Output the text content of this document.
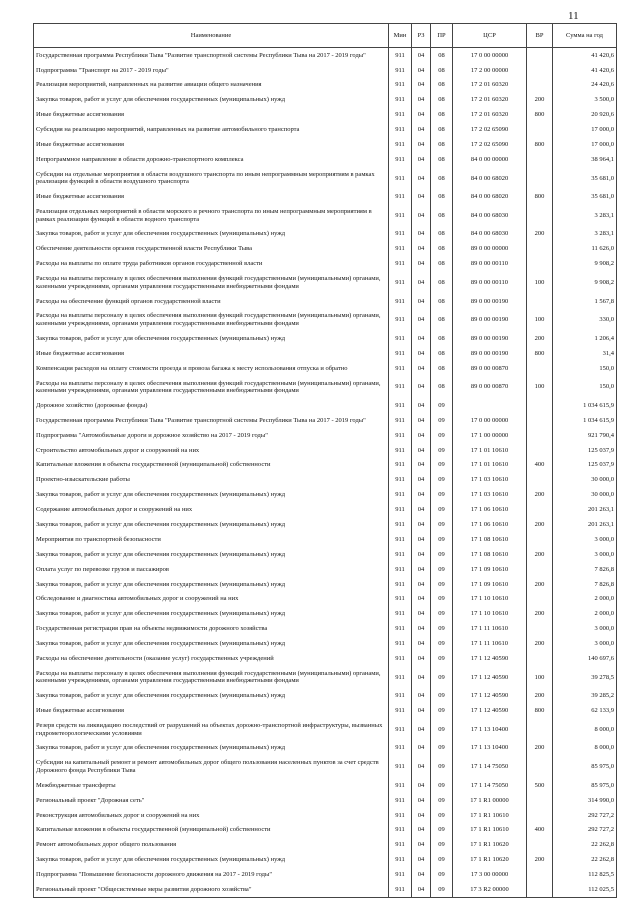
11
Наименование	Мин	РЗ	ПР	ЦСР	ВР	Сумма на год
Государственная программа Республики Тыва "Развитие транспортной системы Республики Тыва на 2017 - 2019 годы"	911	04	08	17 0 00 00000		41 420,6
Подпрограмма "Транспорт на 2017 - 2019 годы"	911	04	08	17 2 00 00000		41 420,6
Реализация мероприятий, направленных на развитие авиации общего назначения	911	04	08	17 2 01 60320		24 420,6
Закупка товаров, работ и услуг для обеспечения государственных (муниципальных) нужд	911	04	08	17 2 01 60320	200	3 500,0
Иные бюджетные ассигнования	911	04	08	17 2 01 60320	800	20 920,6
Субсидия на реализацию мероприятий, направленных на развитие автомобильного транспорта	911	04	08	17 2 02 65090		17 000,0
Иные бюджетные ассигнования	911	04	08	17 2 02 65090	800	17 000,0
Непрограммное направление в области дорожно-транспортного комплекса	911	04	08	84 0 00 00000		38 964,1
Субсидии на отдельные мероприятия в области воздушного транспорта по иным непрограммным мероприятиям в рамках реализации функций в области воздушного транспорта	911	04	08	84 0 00 68020		35 681,0
Иные бюджетные ассигнования	911	04	08	84 0 00 68020	800	35 681,0
Реализация отдельных мероприятий в области морского и речного транспорта по иным непрограммным мероприятиям в рамках реализации функций в области водного транспорта	911	04	08	84 0 00 68030		3 283,1
Закупка товаров, работ и услуг для обеспечения государственных (муниципальных) нужд	911	04	08	84 0 00 68030	200	3 283,1
Обеспечение деятельности органов государственной власти Республики Тыва	911	04	08	89 0 00 00000		11 626,0
Расходы на выплаты по оплате труда работников органов государственной власти	911	04	08	89 0 00 00110		9 908,2
Расходы на выплаты персоналу в целях обеспечения выполнения функций государственными (муниципальными) органами, казенными учреждениями, органами управления государственными внебюджетными фондами	911	04	08	89 0 00 00110	100	9 908,2
Расходы на обеспечение функций органов государственной власти	911	04	08	89 0 00 00190		1 567,8
Расходы на выплаты персоналу в целях обеспечения выполнения функций государственными (муниципальными) органами, казенными учреждениями, органами управления государственными внебюджетными фондами	911	04	08	89 0 00 00190	100	330,0
Закупка товаров, работ и услуг для обеспечения государственных (муниципальных) нужд	911	04	08	89 0 00 00190	200	1 206,4
Иные бюджетные ассигнования	911	04	08	89 0 00 00190	800	31,4
Компенсация расходов на оплату стоимости проезда и провоза багажа к месту использования отпуска и обратно	911	04	08	89 0 00 00870		150,0
Расходы на выплаты персоналу в целях обеспечения выполнения функций государственными (муниципальными) органами, казенными учреждениями, органами управления государственными внебюджетными фондами	911	04	08	89 0 00 00870	100	150,0
Дорожное хозяйство (дорожные фонды)	911	04	09			1 034 615,9
Государственная программа Республики Тыва "Развитие транспортной системы Республики Тыва на 2017 - 2019 годы"	911	04	09	17 0 00 00000		1 034 615,9
Подпрограмма "Автомобильные дороги и дорожное хозяйство на 2017 - 2019 годы"	911	04	09	17 1 00 00000		921 790,4
Строительство автомобильных дорог и сооружений на них	911	04	09	17 1 01 10610		125 037,9
Капитальные вложения в объекты государственной (муниципальной) собственности	911	04	09	17 1 01 10610	400	125 037,9
Проектно-изыскательские работы	911	04	09	17 1 03 10610		30 000,0
Закупка товаров, работ и услуг для обеспечения государственных (муниципальных) нужд	911	04	09	17 1 03 10610	200	30 000,0
Содержание автомобильных дорог и сооружений на них	911	04	09	17 1 06 10610		201 263,1
Закупка товаров, работ и услуг для обеспечения государственных (муниципальных) нужд	911	04	09	17 1 06 10610	200	201 263,1
Мероприятия по транспортной безопасности	911	04	09	17 1 08 10610		3 000,0
Закупка товаров, работ и услуг для обеспечения государственных (муниципальных) нужд	911	04	09	17 1 08 10610	200	3 000,0
Оплата услуг по перевозке грузов и пассажиров	911	04	09	17 1 09 10610		7 826,8
Закупка товаров, работ и услуг для обеспечения государственных (муниципальных) нужд	911	04	09	17 1 09 10610	200	7 826,8
Обследование и диагностика автомобильных дорог и сооружений на них	911	04	09	17 1 10 10610		2 000,0
Закупка товаров, работ и услуг для обеспечения государственных (муниципальных) нужд	911	04	09	17 1 10 10610	200	2 000,0
Государственная регистрация прав на объекты недвижимости дорожного хозяйства	911	04	09	17 1 11 10610		3 000,0
Закупка товаров, работ и услуг для обеспечения государственных (муниципальных) нужд	911	04	09	17 1 11 10610	200	3 000,0
Расходы на обеспечение деятельности (оказание услуг) государственных учреждений	911	04	09	17 1 12 40590		140 697,6
Расходы на выплаты персоналу в целях обеспечения выполнения функций государственными (муниципальными) органами, казенными учреждениями, органами управления государственными внебюджетными фондами	911	04	09	17 1 12 40590	100	39 278,5
Закупка товаров, работ и услуг для обеспечения государственных (муниципальных) нужд	911	04	09	17 1 12 40590	200	39 285,2
Иные бюджетные ассигнования	911	04	09	17 1 12 40590	800	62 133,9
Резерв средств на ликвидацию последствий от разрушений на объектах дорожно-транспортной инфраструктуры, вызванных гидрометеорологическими условиями	911	04	09	17 1 13 10400		8 000,0
Закупка товаров, работ и услуг для обеспечения государственных (муниципальных) нужд	911	04	09	17 1 13 10400	200	8 000,0
Субсидии на капитальный ремонт и ремонт автомобильных дорог общего пользования населенных пунктов за счет средств Дорожного фонда Республики Тыва	911	04	09	17 1 14 75050		85 975,0
Межбюджетные трансферты	911	04	09	17 1 14 75050	500	85 975,0
Региональный проект "Дорожная сеть"	911	04	09	17 1 R1 00000		314 990,0
Реконструкция автомобильных дорог и сооружений на них	911	04	09	17 1 R1 10610		292 727,2
Капитальные вложения в объекты государственной (муниципальной) собственности	911	04	09	17 1 R1 10610	400	292 727,2
Ремонт автомобильных дорог общего пользования	911	04	09	17 1 R1 10620		22 262,8
Закупка товаров, работ и услуг для обеспечения государственных (муниципальных) нужд	911	04	09	17 1 R1 10620	200	22 262,8
Подпрограмма "Повышение безопасности дорожного движения на 2017 - 2019 годы"	911	04	09	17 3 00 00000		112 825,5
Региональный проект "Общесистемные меры развития дорожного хозяйства"	911	04	09	17 3 R2 00000		112 025,5
